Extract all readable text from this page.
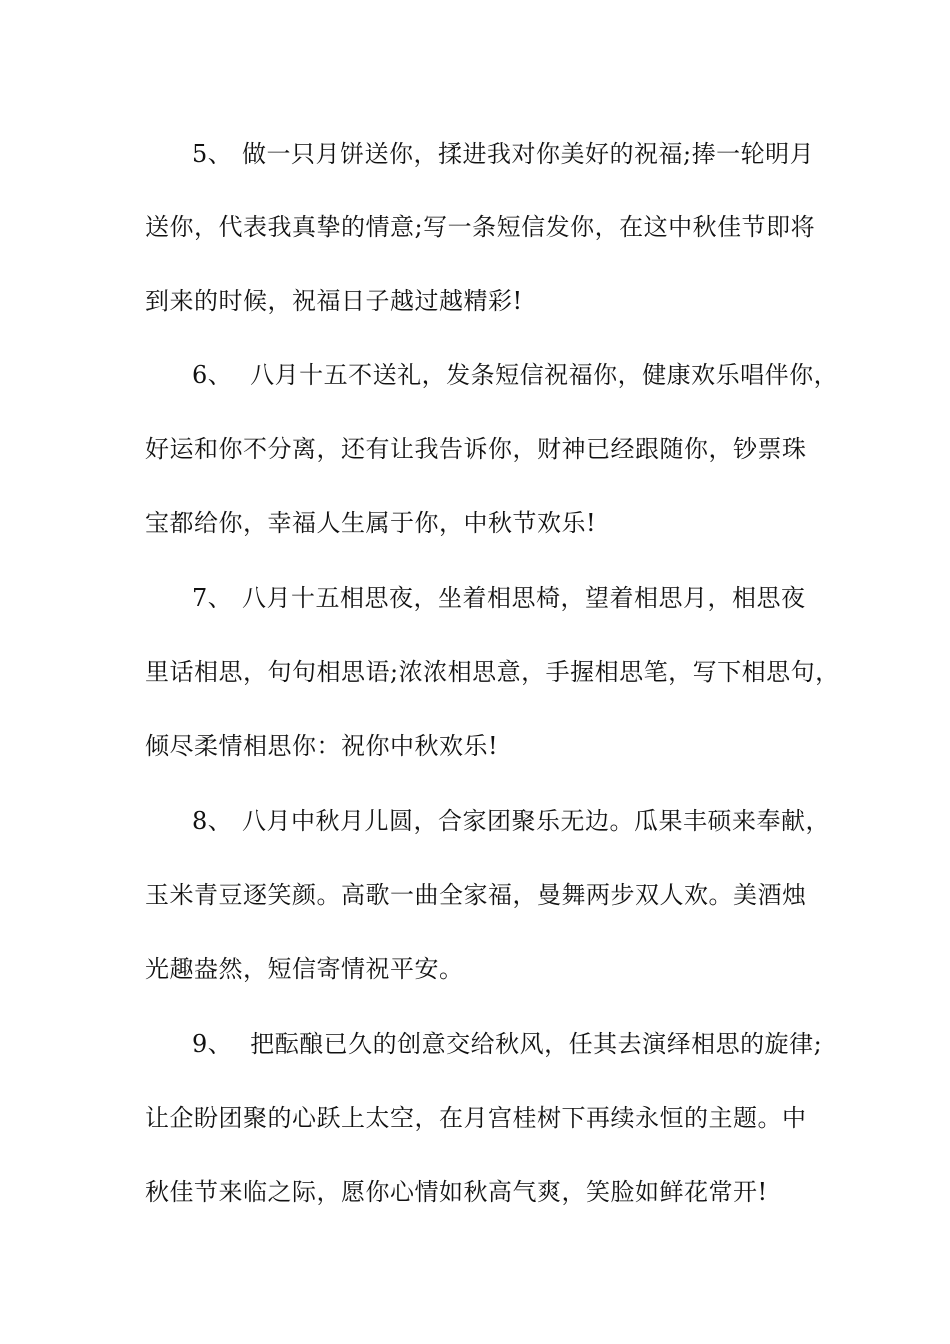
5、 做一只月饼送你，揉进我对你美好的祝福;捧一轮明月
送你，代表我真挚的情意;写一条短信发你，在这中秋佳节即将
到来的时候，祝福日子越过越精彩!
6、 八月十五不送礼，发条短信祝福你，健康欢乐唱伴你，
好运和你不分离，还有让我告诉你，财神已经跟随你，钞票珠
宝都给你，幸福人生属于你，中秋节欢乐!
7、 八月十五相思夜，坐着相思椅，望着相思月，相思夜
里话相思，句句相思语;浓浓相思意，手握相思笔，写下相思句，
倾尽柔情相思你：祝你中秋欢乐!
8、 八月中秋月儿圆，合家团聚乐无边。瓜果丰硕来奉献，
玉米青豆逐笑颜。高歌一曲全家福，曼舞两步双人欢。美酒烛
光趣盎然，短信寄情祝平安。
9、 把酝酿已久的创意交给秋风，任其去演绎相思的旋律;
让企盼团聚的心跃上太空，在月宫桂树下再续永恒的主题。中
秋佳节来临之际，愿你心情如秋高气爽，笑脸如鲜花常开!
